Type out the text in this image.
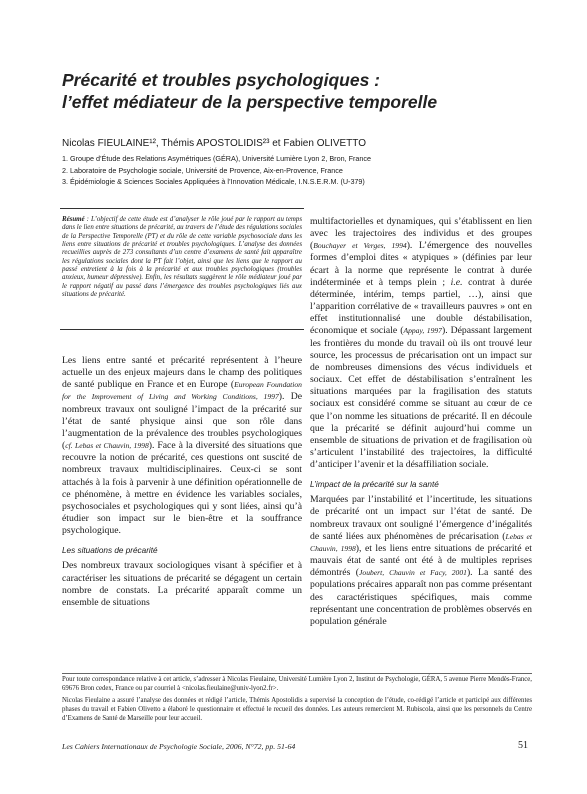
Précarité et troubles psychologiques :
l’effet médiateur de la perspective temporelle
Nicolas FIEULAINE¹², Thémis APOSTOLIDIS²³ et Fabien OLIVETTO
1. Groupe d’Étude des Relations Asymétriques (GÉRA), Université Lumière Lyon 2, Bron, France
2. Laboratoire de Psychologie sociale, Université de Provence, Aix-en-Provence, France
3. Épidémiologie & Sciences Sociales Appliquées à l’Innovation Médicale, I.N.S.E.R.M. (U-379)
Résumé : L’objectif de cette étude est d’analyser le rôle joué par le rapport au temps dans le lien entre situations de précarité, au travers de l’étude des régulations sociales de la Perspective Temporelle (PT) et du rôle de cette variable psychosociale dans les liens entre situations de précarité et troubles psychologiques. L’analyse des données recueillies auprès de 273 consultants d’un centre d’examens de santé fait apparaître les régulations sociales dont la PT fait l’objet, ainsi que les liens que le rapport au passé entretient à la fois à la précarité et aux troubles psychologiques (troubles anxieux, humeur dépressive). Enfin, les résultats suggèrent le rôle médiateur joué par le rapport négatif au passé dans l’émergence des troubles psychologiques liés aux situations de précarité.

Les liens entre santé et précarité représentent à l’heure actuelle un des enjeux majeurs dans le champ des politiques de santé publique en France et en Europe (European Foundation for the Improvement of Living and Working Conditions, 1997). De nombreux travaux ont souligné l’impact de la précarité sur l’état de santé physique ainsi que son rôle dans l’augmentation de la prévalence des troubles psychologiques (cf. Lebas et Chauvin, 1998). Face à la diversité des situations que recouvre la notion de précarité, ces questions ont suscité de nombreux travaux multidisciplinaires. Ceux-ci se sont attachés à la fois à parvenir à une définition opérationnelle de ce phénomène, à mettre en évidence les variables sociales, psychosociales et psychologiques qui y sont liées, ainsi qu’à étudier son impact sur le bien-être et la souffrance psychologique.

Les situations de précarité

Des nombreux travaux sociologiques visant à spécifier et à caractériser les situations de précarité se dégagent un certain nombre de constats. La précarité apparaît comme un ensemble de situations

multifactorielles et dynamiques, qui s’établissent en lien avec les trajectoires des individus et des groupes (Bouchayer et Verges, 1994). L’émergence des nouvelles formes d’emploi dites « atypiques » (définies par leur écart à la norme que représente le contrat à durée indéterminée et à temps plein ; i.e. contrat à durée déterminée, intérim, temps partiel, …), ainsi que l’apparition corrélative de « travailleurs pauvres » ont en effet institutionnalisé une double déstabilisation, économique et sociale (Appay, 1997). Dépassant largement les frontières du monde du travail où ils ont trouvé leur source, les processus de précarisation ont un impact sur de nombreuses dimensions des vécus individuels et sociaux. Cet effet de déstabilisation s’entraînent les situations marquées par la fragilisation des statuts sociaux est considéré comme se situant au cœur de ce que l’on nomme les situations de précarité. Il en découle que la précarité se définit aujourd’hui comme un ensemble de situations de privation et de fragilisation où s’articulent l’instabilité des trajectoires, la difficulté d’anticiper l’avenir et la désaffiliation sociale.

L’impact de la précarité sur la santé

Marquées par l’instabilité et l’incertitude, les situations de précarité ont un impact sur l’état de santé. De nombreux travaux ont souligné l’émergence d’inégalités de santé liées aux phénomènes de précarisation (Lebas et Chauvin, 1998), et les liens entre situations de précarité et mauvais état de santé ont été à de multiples reprises démontrés (Joubert, Chauvin et Facy, 2001). La santé des populations précaires apparaît non pas comme présentant des caractéristiques spécifiques, mais comme représentant une concentration de problèmes observés en population générale

Pour toute correspondance relative à cet article, s’adresser à Nicolas Fieulaine, Université Lumière Lyon 2, Institut de Psychologie, GÉRA, 5 avenue Pierre Mendès-France, 69676 Bron cedex, France ou par courriel à <nicolas.fieulaine@univ-lyon2.fr>.

Nicolas Fieulaine a assuré l’analyse des données et rédigé l’article, Thémis Apostolidis a supervisé la conception de l’étude, co-rédigé l’article et participé aux différentes phases du travail et Fabien Olivetto a élaboré le questionnaire et effectué le recueil des données. Les auteurs remercient M. Rubiscola, ainsi que les personnels du Centre d’Examens de Santé de Marseille pour leur accueil.

Les Cahiers Internationaux de Psychologie Sociale, 2006, N°72, pp. 51-64	51
